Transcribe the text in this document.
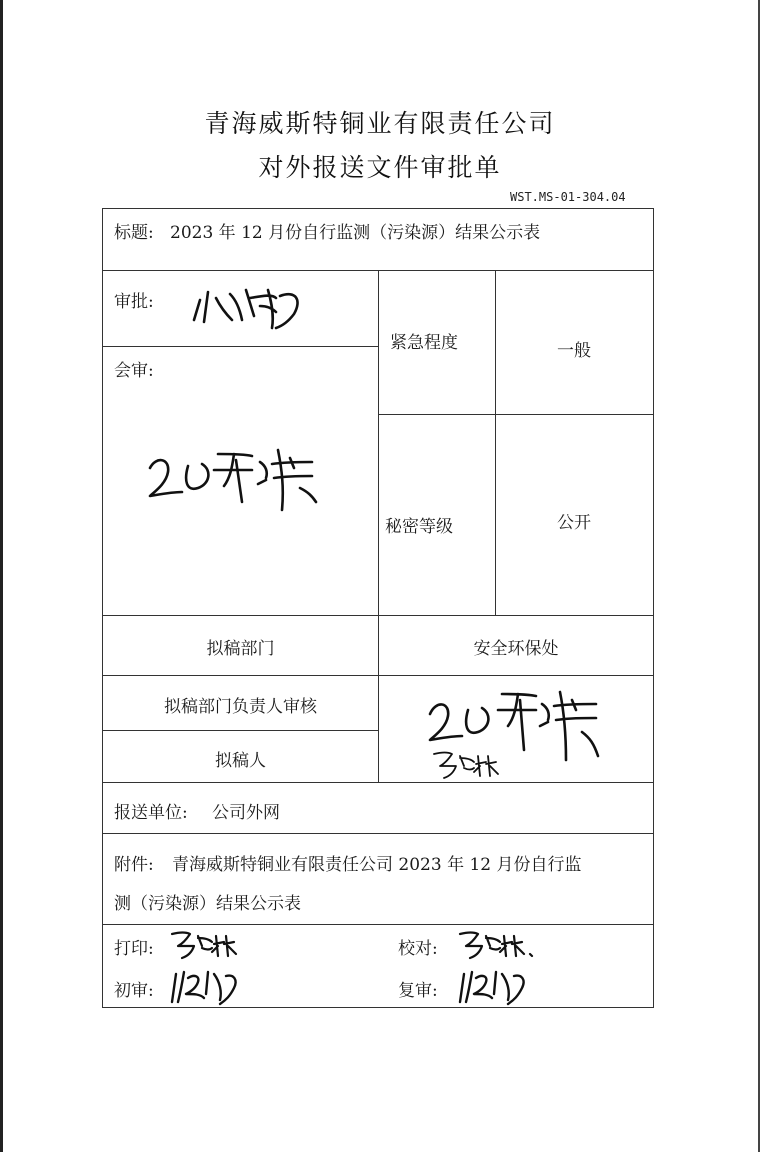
青海威斯特铜业有限责任公司
对外报送文件审批单
WST.MS-01-304.04
标题: 2023 年 12 月份自行监测（污染源）结果公示表
审批:
紧急程度	一般
会审:
秘密等级	公开
拟稿部门	安全环保处
拟稿部门负责人审核
拟稿人
报送单位: 公司外网
附件: 青海威斯特铜业有限责任公司 2023 年 12 月份自行监
测（污染源）结果公示表
打印:	校对:
初审:	复审:
